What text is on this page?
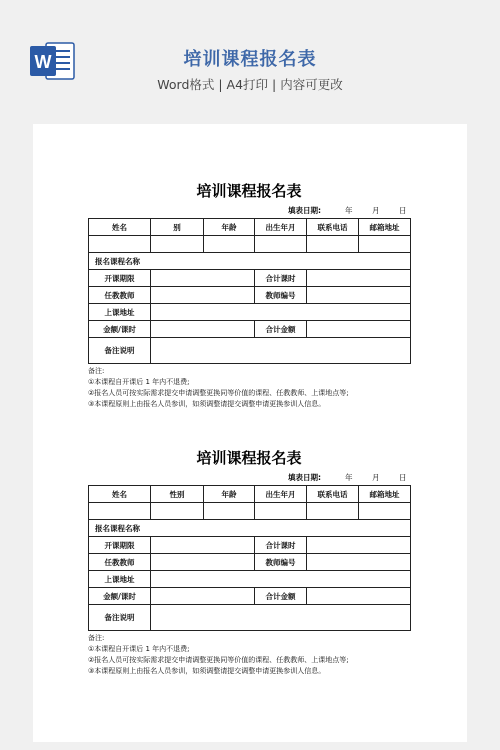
W	培训课程报名表
Word格式 | A4打印 | 内容可更改
培训课程报名表
填表日期:	年	月	日
姓名	别	年龄	出生年月	联系电话	邮箱地址

报名课程名称					
开课期限			合计课时		
任教教师			教师编号		
上课地址					
金额/课时			合计金额		
备注说明					
备注:
①本课程自开课后 1 年内不退费;
②报名人员可按实际需求提交申请调整更换同等价值的课程、任教教师、上课地点等;
③本课程原则上由报名人员参训，如须调整请提交调整申请更换参训人信息。
培训课程报名表
填表日期:	年	月	日
姓名	性别	年龄	出生年月	联系电话	邮箱地址

报名课程名称					
开课期限			合计课时		
任教教师			教师编号		
上课地址					
金额/课时			合计金额		
备注说明					
备注:
①本课程自开课后 1 年内不退费;
②报名人员可按实际需求提交申请调整更换同等价值的课程、任教教师、上课地点等;
③本课程原则上由报名人员参训，如须调整请提交调整申请更换参训人信息。
